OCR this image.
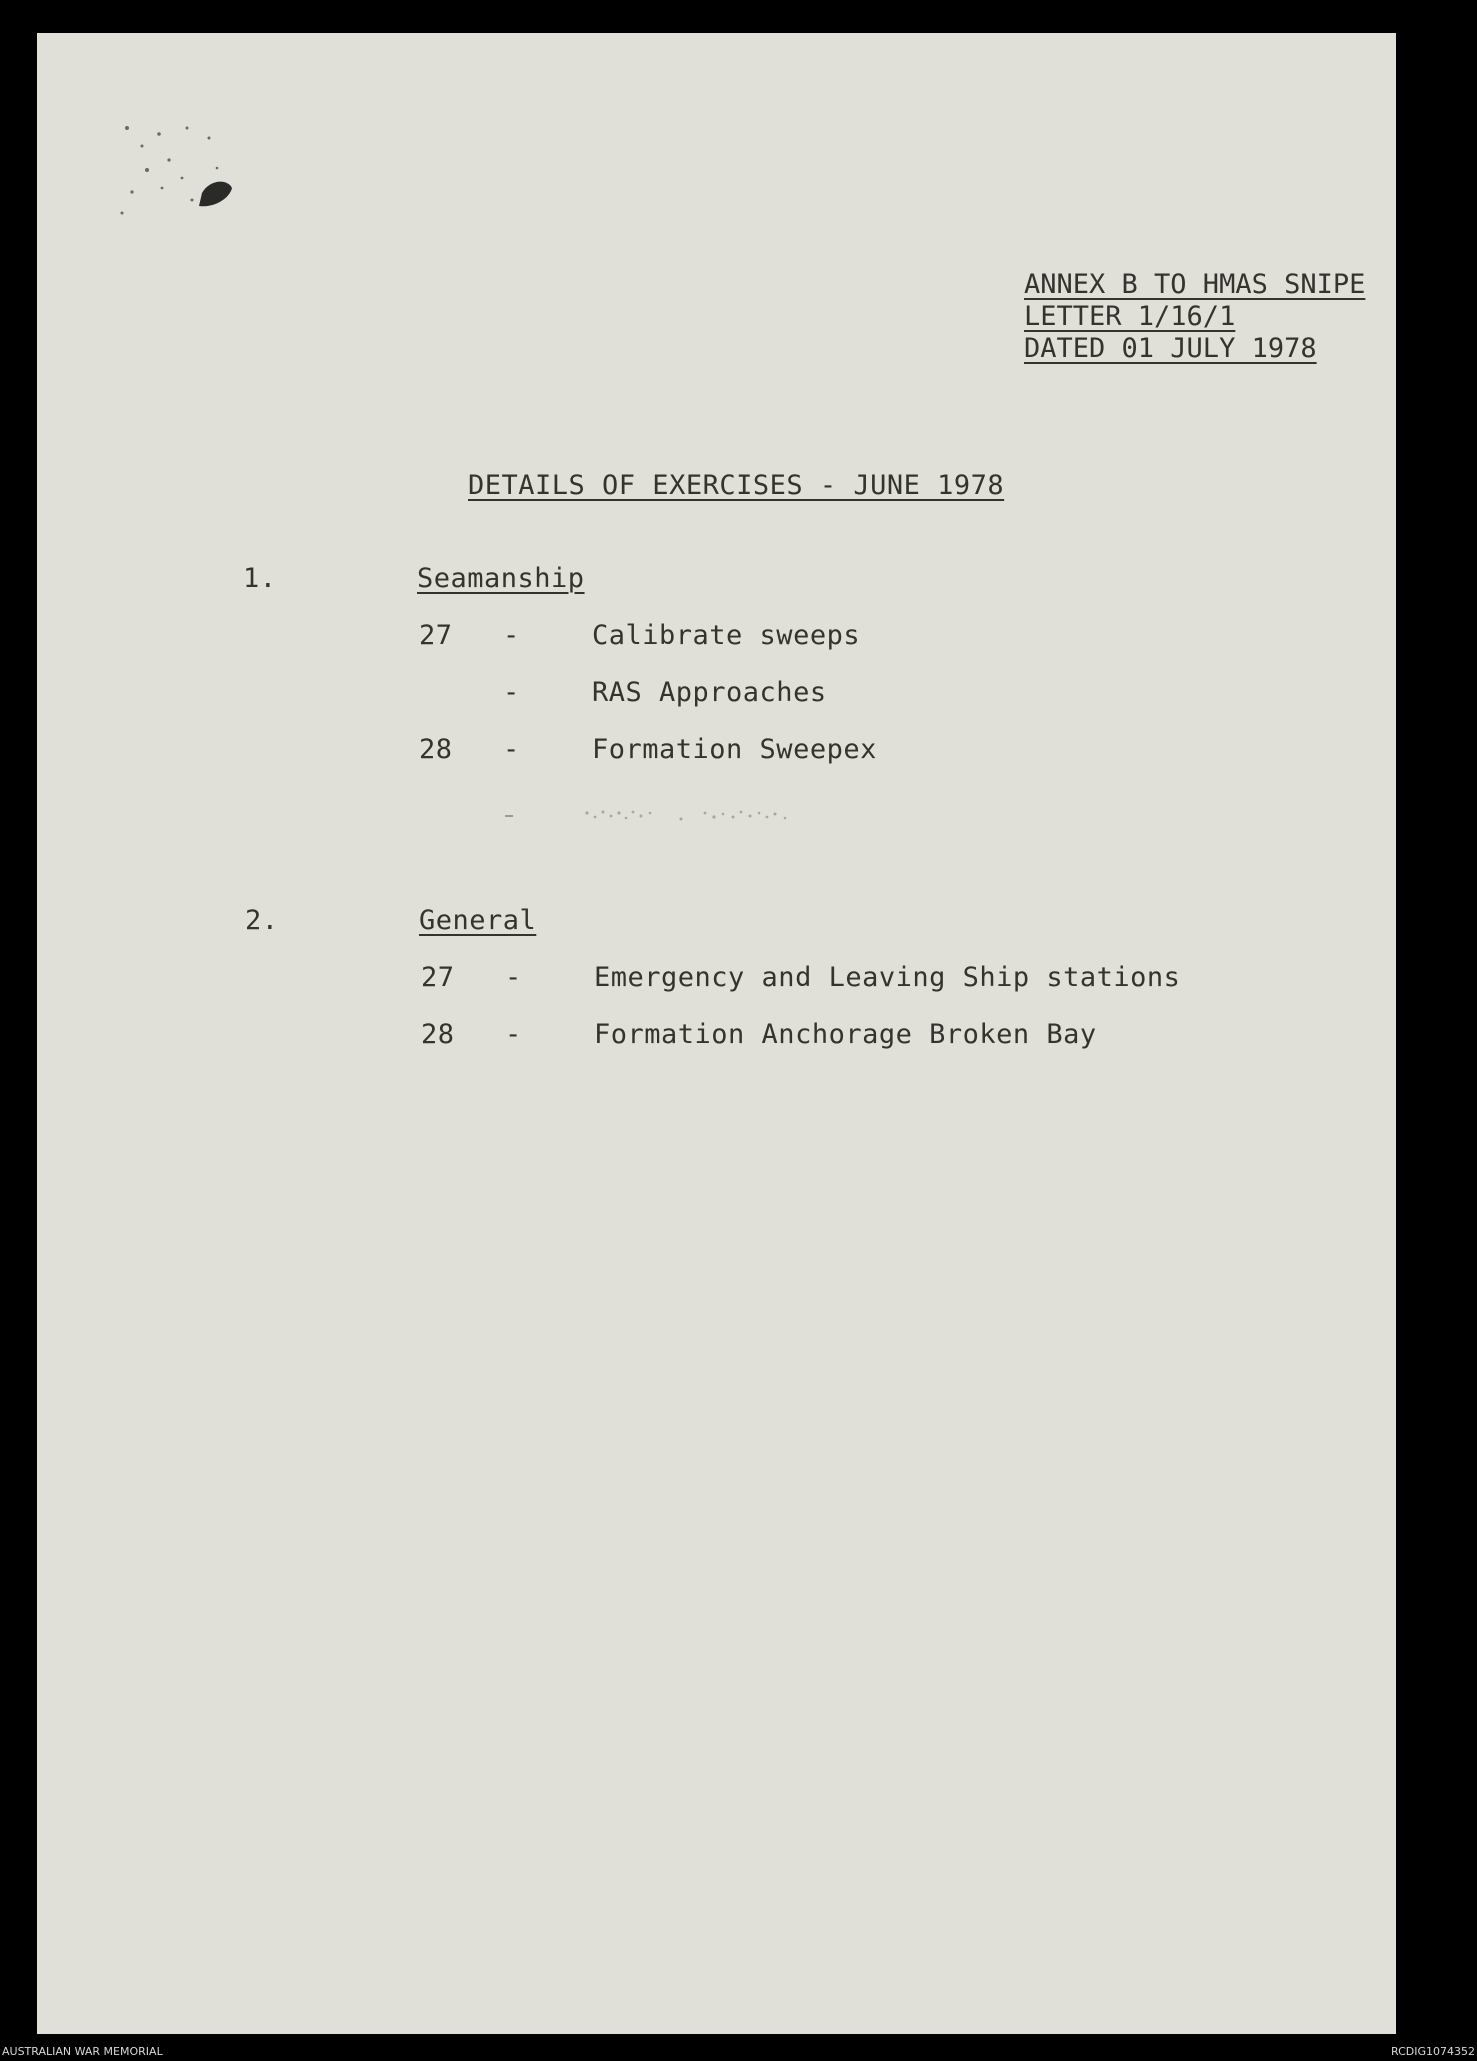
ANNEX B TO HMAS SNIPE
LETTER 1/16/1
DATED 01 JULY 1978
DETAILS OF EXERCISES - JUNE 1978
1.	Seamanship
27 -	Calibrate sweeps
-	RAS Approaches
28 -	Formation Sweepex
2.	General
27 -	Emergency and Leaving Ship stations
28 -	Formation Anchorage Broken Bay
AUSTRALIAN WAR MEMORIAL	RCDIG1074352
